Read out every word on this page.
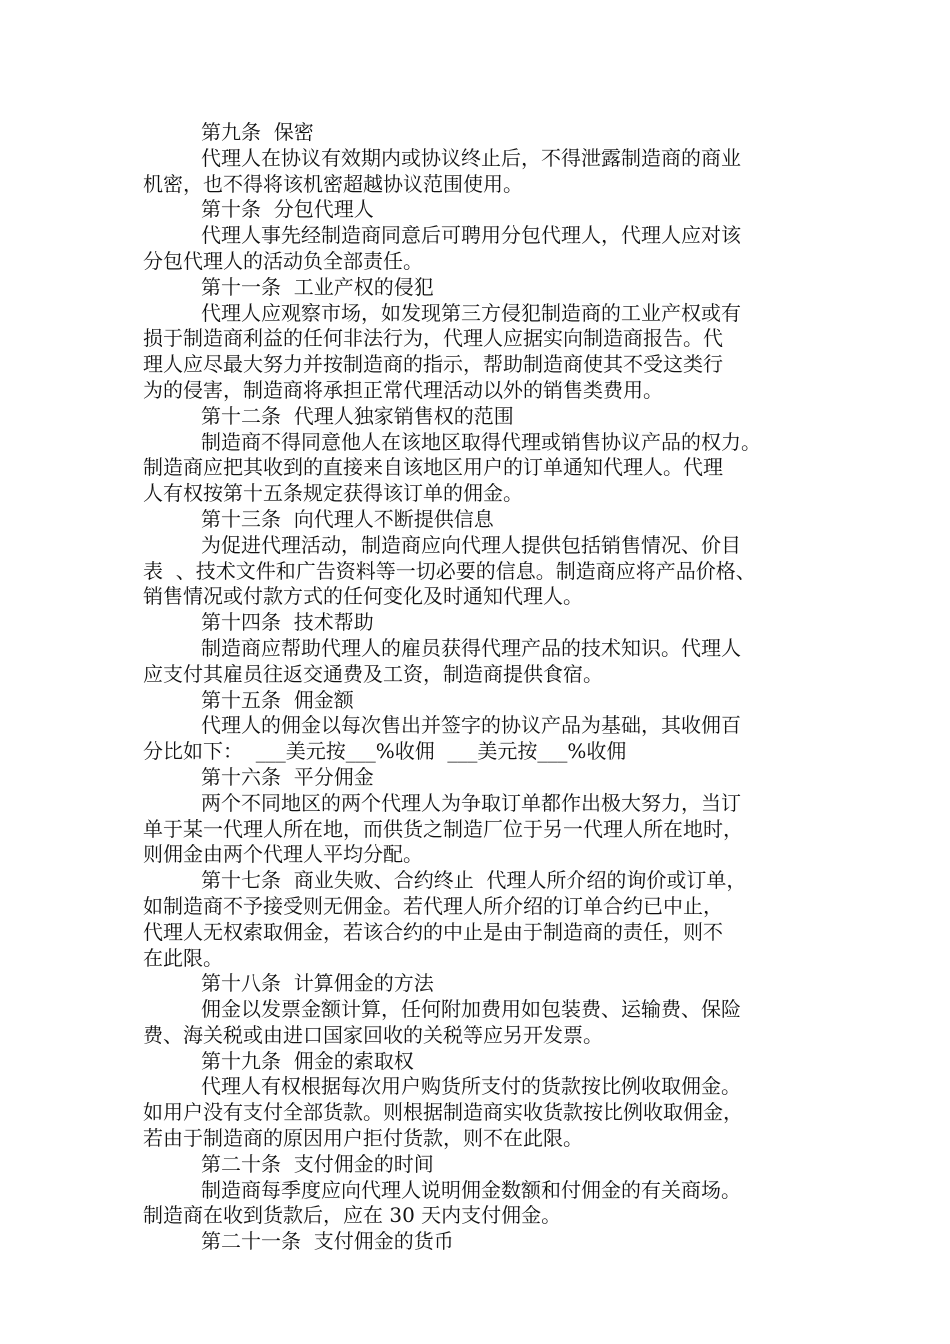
第九条  保密
代理人在协议有效期内或协议终止后，不得泄露制造商的商业
机密，也不得将该机密超越协议范围使用。
第十条  分包代理人
代理人事先经制造商同意后可聘用分包代理人，代理人应对该
分包代理人的活动负全部责任。
第十一条  工业产权的侵犯
代理人应观察市场，如发现第三方侵犯制造商的工业产权或有
损于制造商利益的任何非法行为，代理人应据实向制造商报告。代
理人应尽最大努力并按制造商的指示，帮助制造商使其不受这类行
为的侵害，制造商将承担正常代理活动以外的销售类费用。
第十二条  代理人独家销售权的范围
制造商不得同意他人在该地区取得代理或销售协议产品的权力。
制造商应把其收到的直接来自该地区用户的订单通知代理人。代理
人有权按第十五条规定获得该订单的佣金。
第十三条  向代理人不断提供信息
为促进代理活动，制造商应向代理人提供包括销售情况、价目
表  、技术文件和广告资料等一切必要的信息。制造商应将产品价格、
销售情况或付款方式的任何变化及时通知代理人。
第十四条  技术帮助
制造商应帮助代理人的雇员获得代理产品的技术知识。代理人
应支付其雇员往返交通费及工资，制造商提供食宿。
第十五条  佣金额
代理人的佣金以每次售出并签字的协议产品为基础，其收佣百
分比如下：  ___美元按___%收佣  ___美元按___%收佣
第十六条  平分佣金
两个不同地区的两个代理人为争取订单都作出极大努力，当订
单于某一代理人所在地，而供货之制造厂位于另一代理人所在地时，
则佣金由两个代理人平均分配。
第十七条  商业失败、合约终止  代理人所介绍的询价或订单，
如制造商不予接受则无佣金。若代理人所介绍的订单合约已中止，
代理人无权索取佣金，若该合约的中止是由于制造商的责任，则不
在此限。
第十八条  计算佣金的方法
佣金以发票金额计算，任何附加费用如包装费、运输费、保险
费、海关税或由进口国家回收的关税等应另开发票。
第十九条  佣金的索取权
代理人有权根据每次用户购货所支付的货款按比例收取佣金。
如用户没有支付全部货款。则根据制造商实收货款按比例收取佣金，
若由于制造商的原因用户拒付货款，则不在此限。
第二十条  支付佣金的时间
制造商每季度应向代理人说明佣金数额和付佣金的有关商场。
制造商在收到货款后，应在 30 天内支付佣金。
第二十一条  支付佣金的货币
